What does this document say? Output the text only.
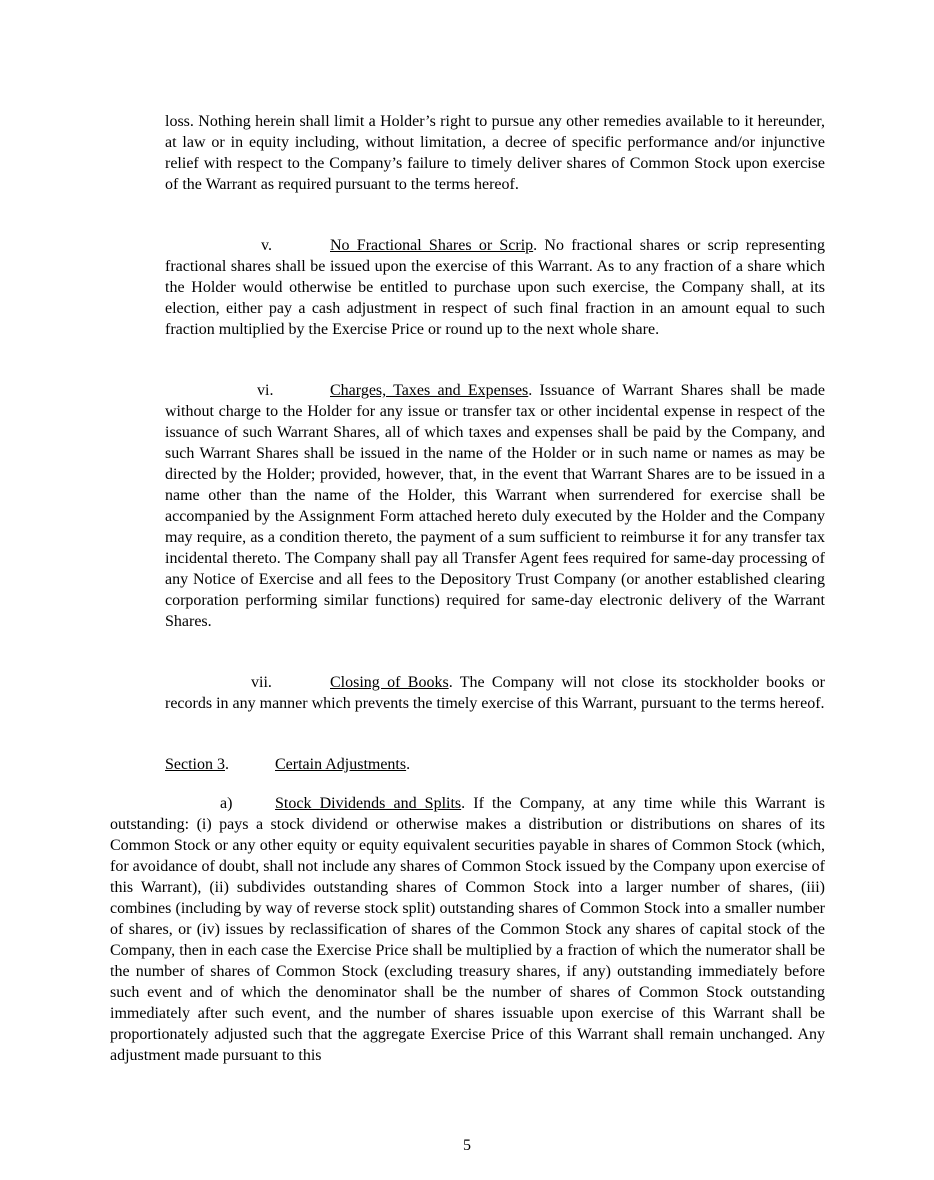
loss. Nothing herein shall limit a Holder’s right to pursue any other remedies available to it hereunder, at law or in equity including, without limitation, a decree of specific performance and/or injunctive relief with respect to the Company’s failure to timely deliver shares of Common Stock upon exercise of the Warrant as required pursuant to the terms hereof.

v.	No Fractional Shares or Scrip. No fractional shares or scrip representing fractional shares shall be issued upon the exercise of this Warrant. As to any fraction of a share which the Holder would otherwise be entitled to purchase upon such exercise, the Company shall, at its election, either pay a cash adjustment in respect of such final fraction in an amount equal to such fraction multiplied by the Exercise Price or round up to the next whole share.

vi.	Charges, Taxes and Expenses. Issuance of Warrant Shares shall be made without charge to the Holder for any issue or transfer tax or other incidental expense in respect of the issuance of such Warrant Shares, all of which taxes and expenses shall be paid by the Company, and such Warrant Shares shall be issued in the name of the Holder or in such name or names as may be directed by the Holder; provided, however, that, in the event that Warrant Shares are to be issued in a name other than the name of the Holder, this Warrant when surrendered for exercise shall be accompanied by the Assignment Form attached hereto duly executed by the Holder and the Company may require, as a condition thereto, the payment of a sum sufficient to reimburse it for any transfer tax incidental thereto. The Company shall pay all Transfer Agent fees required for same-day processing of any Notice of Exercise and all fees to the Depository Trust Company (or another established clearing corporation performing similar functions) required for same-day electronic delivery of the Warrant Shares.

vii.	Closing of Books. The Company will not close its stockholder books or records in any manner which prevents the timely exercise of this Warrant, pursuant to the terms hereof.

Section 3.	Certain Adjustments.

a)	Stock Dividends and Splits. If the Company, at any time while this Warrant is outstanding: (i) pays a stock dividend or otherwise makes a distribution or distributions on shares of its Common Stock or any other equity or equity equivalent securities payable in shares of Common Stock (which, for avoidance of doubt, shall not include any shares of Common Stock issued by the Company upon exercise of this Warrant), (ii) subdivides outstanding shares of Common Stock into a larger number of shares, (iii) combines (including by way of reverse stock split) outstanding shares of Common Stock into a smaller number of shares, or (iv) issues by reclassification of shares of the Common Stock any shares of capital stock of the Company, then in each case the Exercise Price shall be multiplied by a fraction of which the numerator shall be the number of shares of Common Stock (excluding treasury shares, if any) outstanding immediately before such event and of which the denominator shall be the number of shares of Common Stock outstanding immediately after such event, and the number of shares issuable upon exercise of this Warrant shall be proportionately adjusted such that the aggregate Exercise Price of this Warrant shall remain unchanged. Any adjustment made pursuant to this

5
